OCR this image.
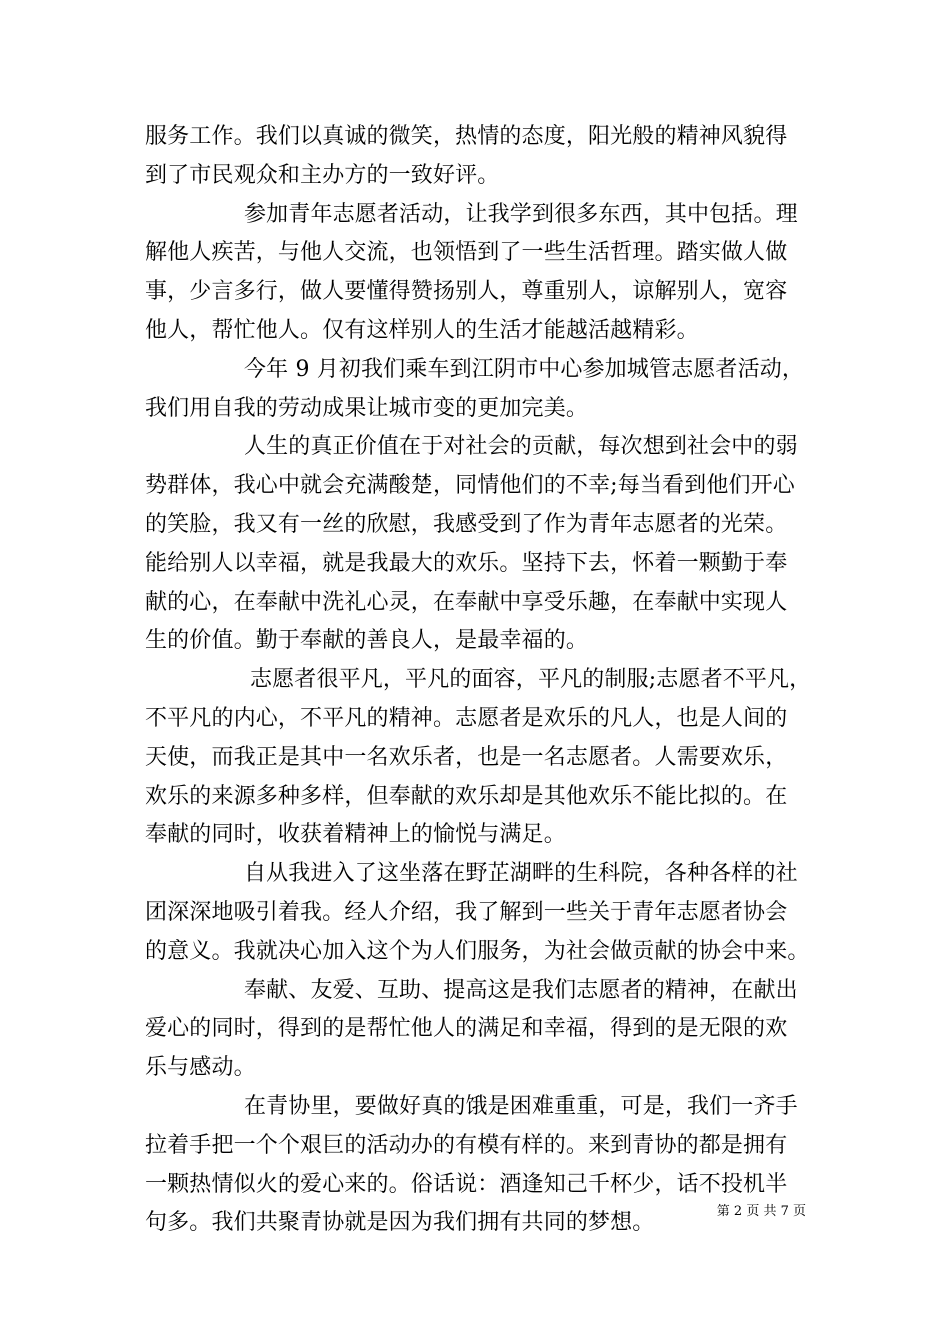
服务工作。我们以真诚的微笑，热情的态度，阳光般的精神风貌得
到了市民观众和主办方的一致好评。
参加青年志愿者活动，让我学到很多东西，其中包括。理
解他人疾苦，与他人交流，也领悟到了一些生活哲理。踏实做人做
事，少言多行，做人要懂得赞扬别人，尊重别人，谅解别人，宽容
他人，帮忙他人。仅有这样别人的生活才能越活越精彩。
今年 9 月初我们乘车到江阴市中心参加城管志愿者活动，
我们用自我的劳动成果让城市变的更加完美。
人生的真正价值在于对社会的贡献，每次想到社会中的弱
势群体，我心中就会充满酸楚，同情他们的不幸;每当看到他们开心
的笑脸，我又有一丝的欣慰，我感受到了作为青年志愿者的光荣。
能给别人以幸福，就是我最大的欢乐。坚持下去，怀着一颗勤于奉
献的心，在奉献中洗礼心灵，在奉献中享受乐趣，在奉献中实现人
生的价值。勤于奉献的善良人，是最幸福的。
志愿者很平凡，平凡的面容，平凡的制服;志愿者不平凡，
不平凡的内心，不平凡的精神。志愿者是欢乐的凡人，也是人间的
天使，而我正是其中一名欢乐者，也是一名志愿者。人需要欢乐，
欢乐的来源多种多样，但奉献的欢乐却是其他欢乐不能比拟的。在
奉献的同时，收获着精神上的愉悦与满足。
自从我进入了这坐落在野芷湖畔的生科院，各种各样的社
团深深地吸引着我。经人介绍，我了解到一些关于青年志愿者协会
的意义。我就决心加入这个为人们服务，为社会做贡献的协会中来。
奉献、友爱、互助、提高这是我们志愿者的精神，在献出
爱心的同时，得到的是帮忙他人的满足和幸福，得到的是无限的欢
乐与感动。
在青协里，要做好真的饿是困难重重，可是，我们一齐手
拉着手把一个个艰巨的活动办的有模有样的。来到青协的都是拥有
一颗热情似火的爱心来的。俗话说：酒逢知己千杯少，话不投机半
句多。我们共聚青协就是因为我们拥有共同的梦想。	第 2 页 共 7 页
